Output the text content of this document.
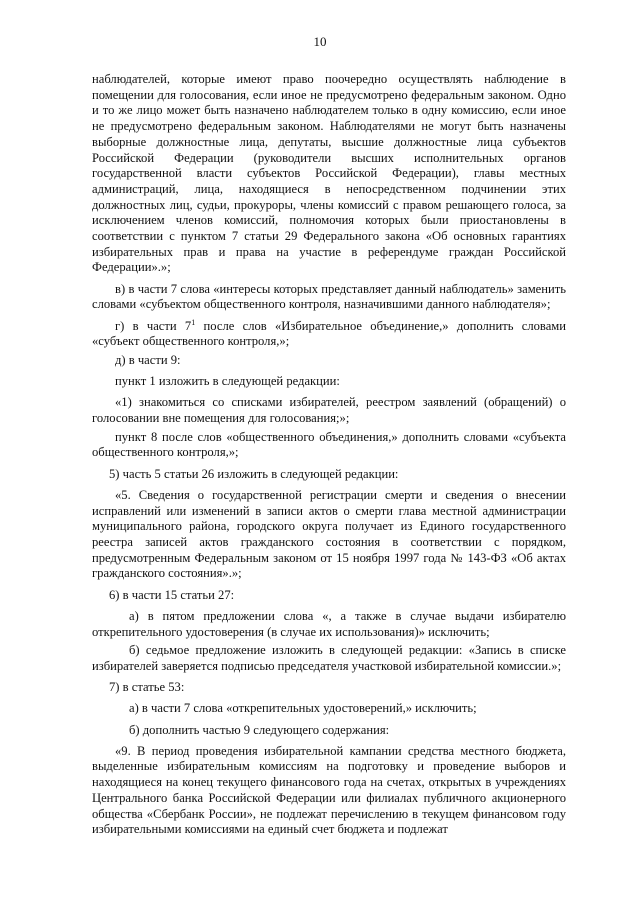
10

наблюдателей, которые имеют право поочередно осуществлять наблюдение в помещении для голосования, если иное не предусмотрено федеральным законом. Одно и то же лицо может быть назначено наблюдателем только в одну комиссию, если иное не предусмотрено федеральным законом. Наблюдателями не могут быть назначены выборные должностные лица, депутаты, высшие должностные лица субъектов Российской Федерации (руководители высших исполнительных органов государственной власти субъектов Российской Федерации), главы местных администраций, лица, находящиеся в непосредственном подчинении этих должностных лиц, судьи, прокуроры, члены комиссий с правом решающего голоса, за исключением членов комиссий, полномочия которых были приостановлены в соответствии с пунктом 7 статьи 29 Федерального закона «Об основных гарантиях избирательных прав и права на участие в референдуме граждан Российской Федерации».»;

в) в части 7 слова «интересы которых представляет данный наблюдатель» заменить словами «субъектом общественного контроля, назначившими данного наблюдателя»;

г) в части $7^1$ после слов «Избирательное объединение,» дополнить словами «субъект общественного контроля,»;

д) в части 9:

пункт 1 изложить в следующей редакции:

«1) знакомиться со списками избирателей, реестром заявлений (обращений) о голосовании вне помещения для голосования;»;

пункт 8 после слов «общественного объединения,» дополнить словами «субъекта общественного контроля,»;

5) часть 5 статьи 26 изложить в следующей редакции:

«5. Сведения о государственной регистрации смерти и сведения о внесении исправлений или изменений в записи актов о смерти глава местной администрации муниципального района, городского округа получает из Единого государственного реестра записей актов гражданского состояния в соответствии с порядком, предусмотренным Федеральным законом от 15 ноября 1997 года № 143-ФЗ «Об актах гражданского состояния».»;

6) в части 15 статьи 27:

а) в пятом предложении слова «, а также в случае выдачи избирателю открепительного удостоверения (в случае их использования)» исключить;

б) седьмое предложение изложить в следующей редакции: «Запись в списке избирателей заверяется подписью председателя участковой избирательной комиссии.»;

7) в статье 53:

а) в части 7 слова «открепительных удостоверений,» исключить;

б) дополнить частью 9 следующего содержания:

«9. В период проведения избирательной кампании средства местного бюджета, выделенные избирательным комиссиям на подготовку и проведение выборов и находящиеся на конец текущего финансового года на счетах, открытых в учреждениях Центрального банка Российской Федерации или филиалах публичного акционерного общества «Сбербанк России», не подлежат перечислению в текущем финансовом году избирательными комиссиями на единый счет бюджета и подлежат
